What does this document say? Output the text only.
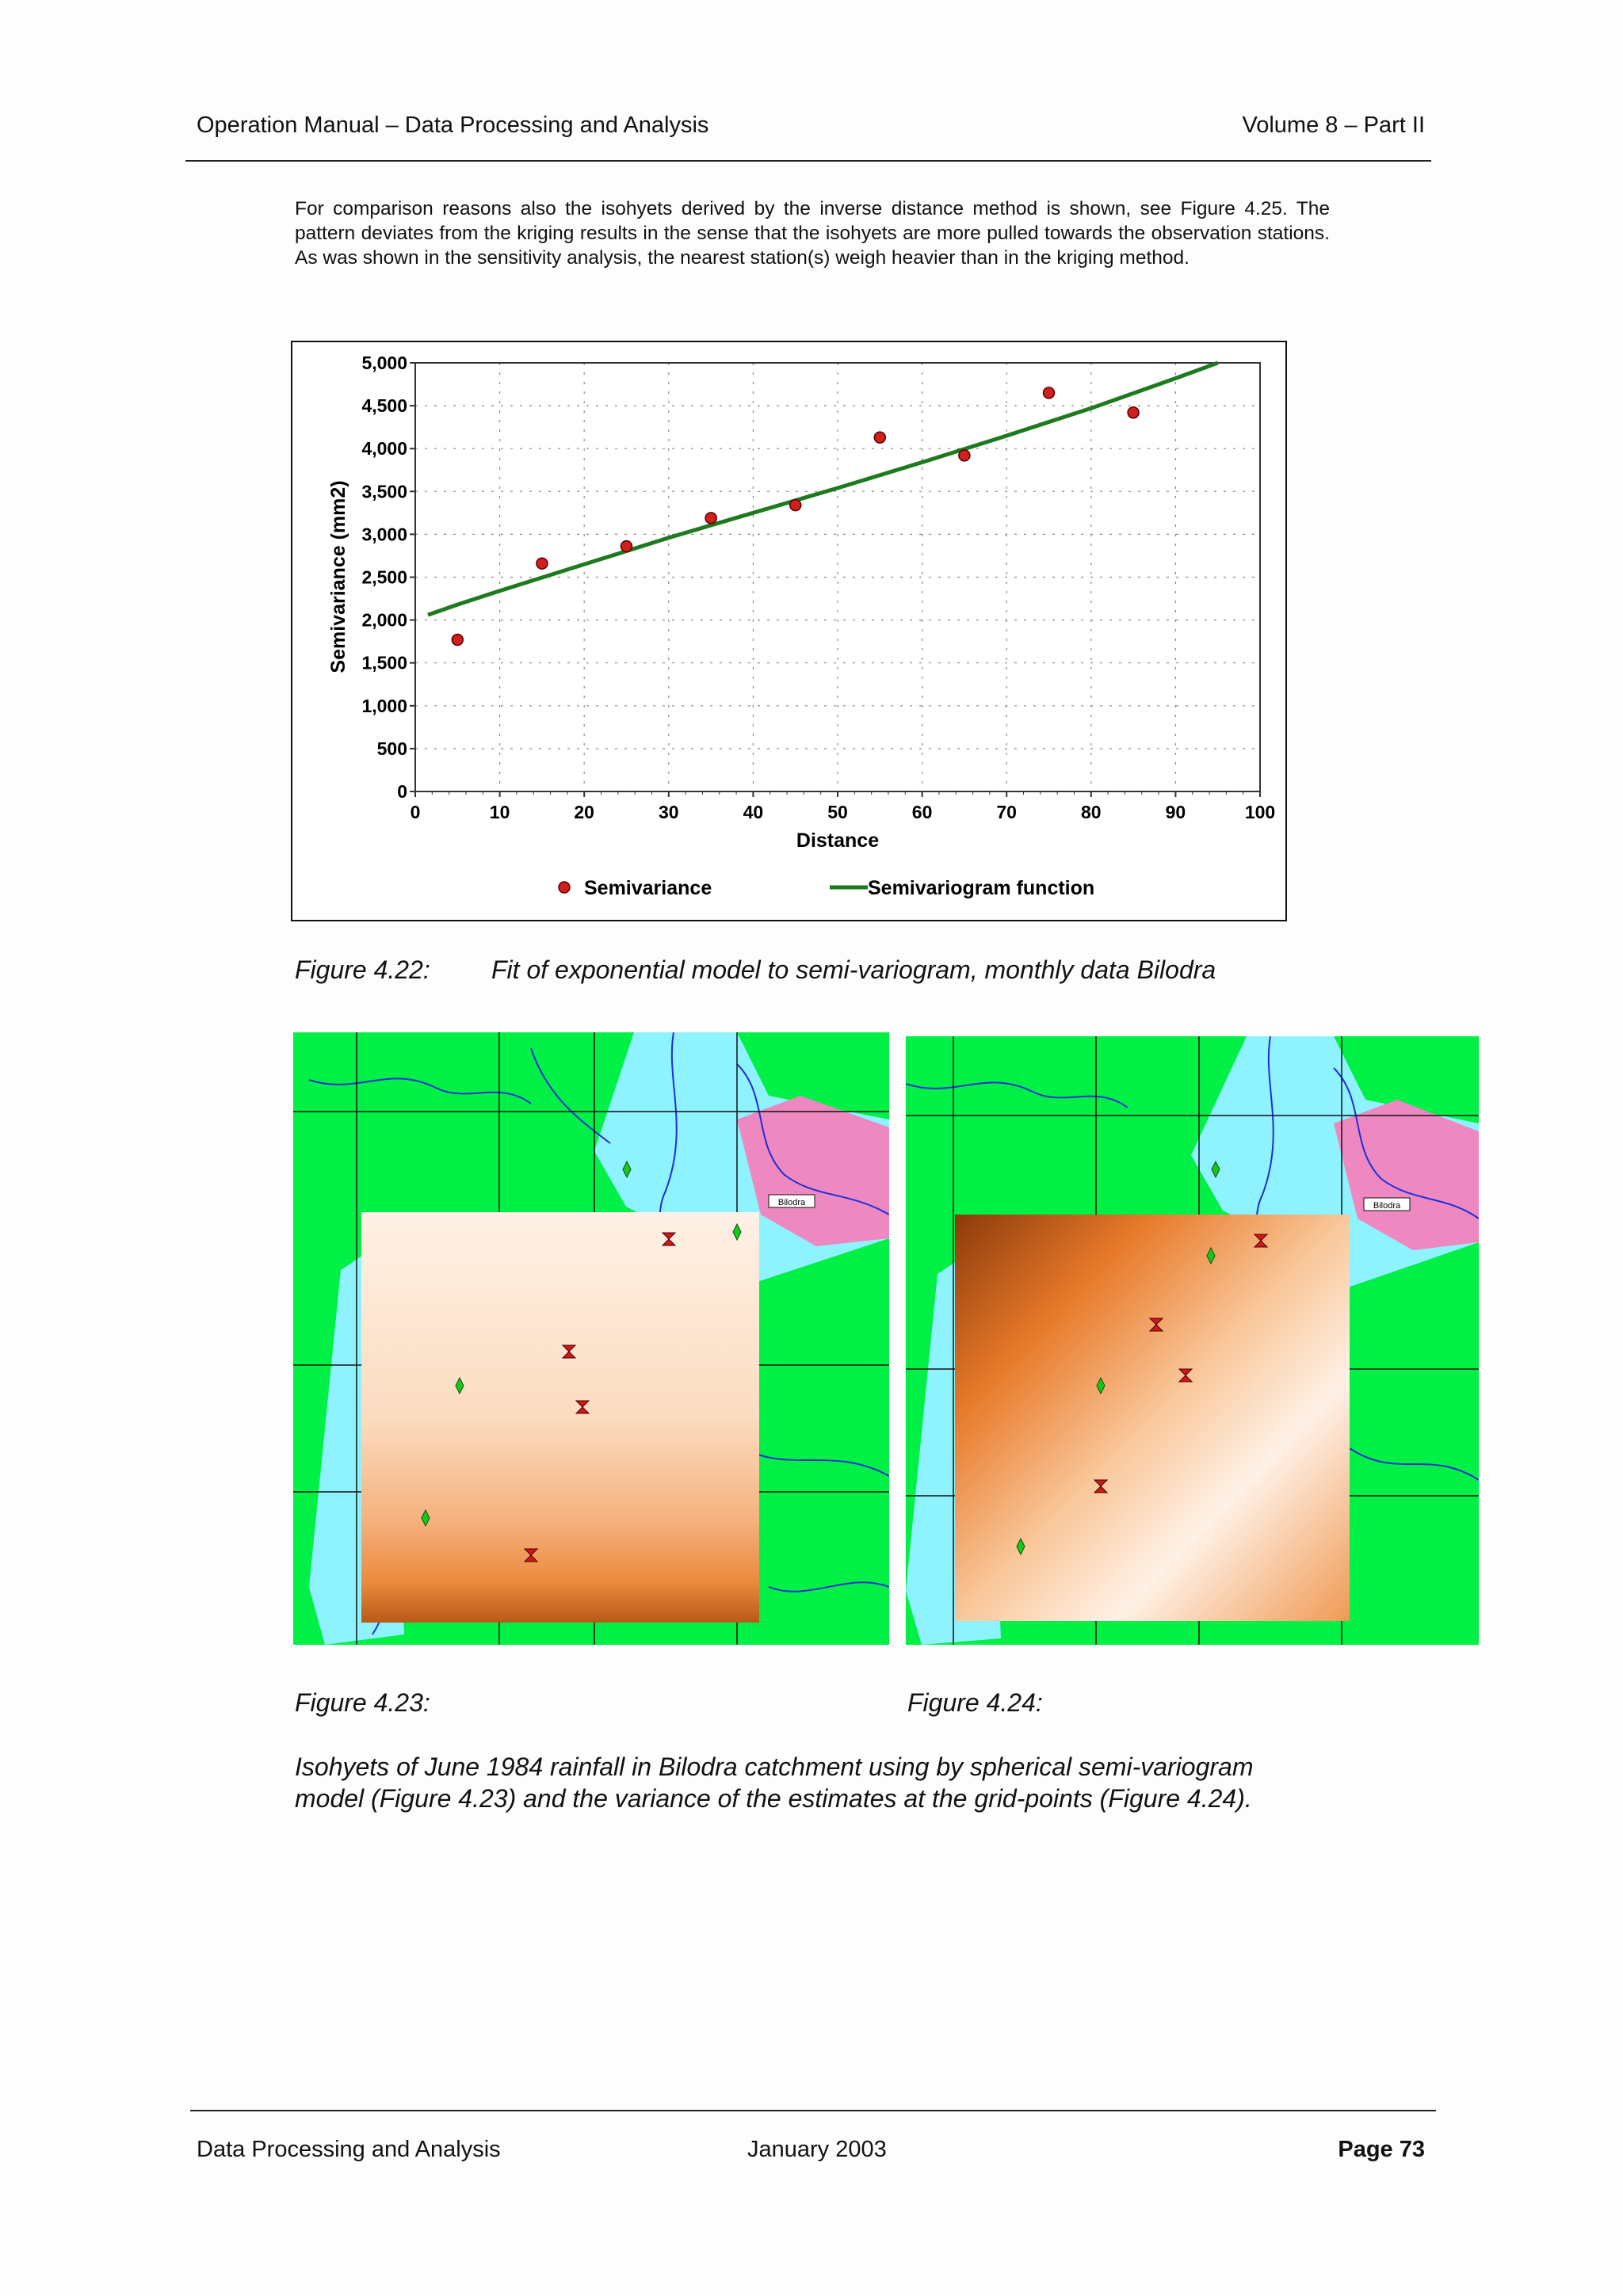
Operation Manual – Data Processing and Analysis	Volume 8 – Part II

For comparison reasons also the isohyets derived by the inverse distance method is shown, see Figure 4.25. The pattern deviates from the kriging results in the sense that the isohyets are more pulled towards the observation stations. As was shown in the sensitivity analysis, the nearest station(s) weigh heavier than in the kriging method.

0
500
1,000
1,500
2,000
2,500
3,000
3,500
4,000
4,500
5,000
0	10	20	30	40	50	60	70	80	90	100
Distance
Semivariance (mm2)
Semivariance	Semivariogram function
Figure 4.22: Fit of exponential model to semi-variogram, monthly data Bilodra
Bilodra	Bilodra
Figure 4.23:	Figure 4.24:
Isohyets of June 1984 rainfall in Bilodra catchment using by spherical semi-variogram
model (Figure 4.23) and the variance of the estimates at the grid-points (Figure 4.24).
Data Processing and Analysis	January 2003	Page 73
